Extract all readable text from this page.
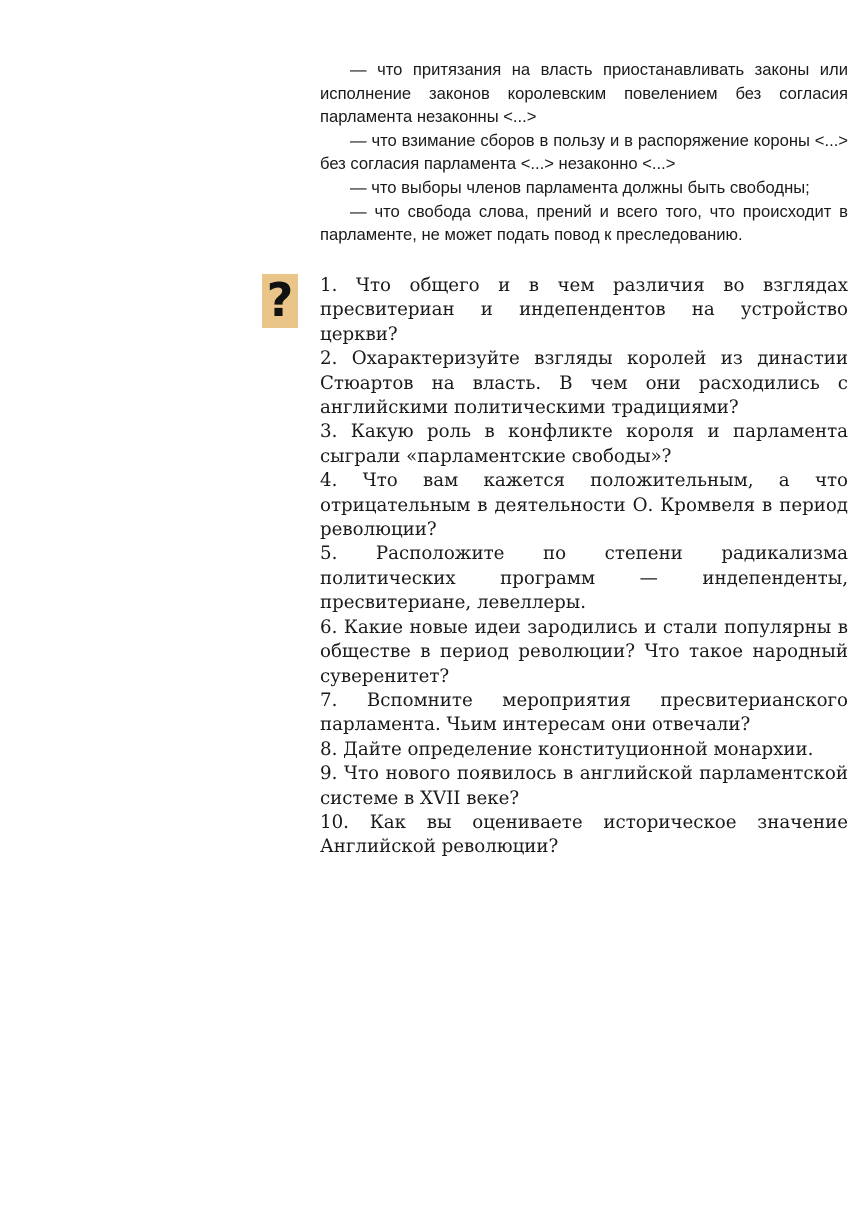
— что притязания на власть приостанавливать законы или исполнение законов королевским повелением без согласия парламента незаконны <...>

— что взимание сборов в пользу и в распоряжение короны <...> без согласия парламента <...> незаконно <...>

— что выборы членов парламента должны быть свободны;

— что свобода слова, прений и всего того, что происходит в парламенте, не может подать повод к преследованию.

? 1. Что общего и в чем различия во взглядах пресвитериан и индепендентов на устройство церкви?
2. Охарактеризуйте взгляды королей из династии Стюартов на власть. В чем они расходились с английскими политическими традициями?
3. Какую роль в конфликте короля и парламента сыграли «парламентские свободы»?
4. Что вам кажется положительным, а что отрицательным в деятельности О. Кромвеля в период революции?
5. Расположите по степени радикализма политических программ — индепенденты, пресвитериане, левеллеры.
6. Какие новые идеи зародились и стали популярны в обществе в период революции? Что такое народный суверенитет?
7. Вспомните мероприятия пресвитерианского парламента. Чьим интересам они отвечали?
8. Дайте определение конституционной монархии.
9. Что нового появилось в английской парламентской системе в XVII веке?
10. Как вы оцениваете историческое значение Английской революции?
